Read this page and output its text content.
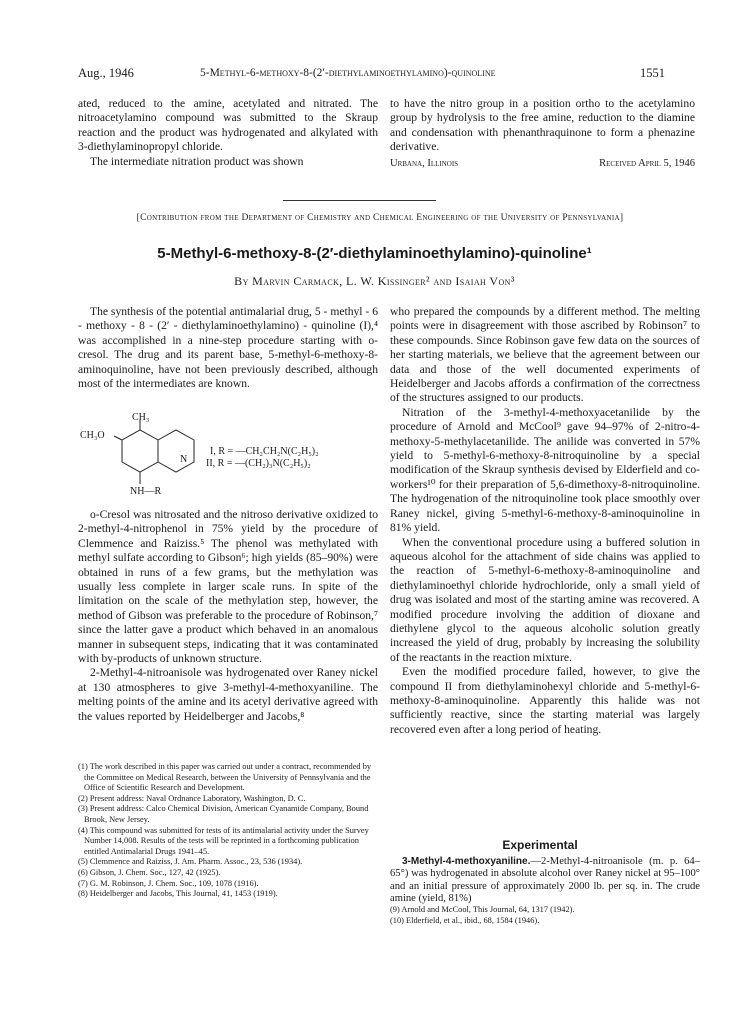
Aug., 1946	5-Methyl-6-methoxy-8-(2′-diethylaminoethylamino)-quinoline	1551

ated, reduced to the amine, acetylated and nitrated. The nitroacetylamino compound was submitted to the Skraup reaction and the product was hydrogenated and alkylated with 3-diethylaminopropyl chloride.

The intermediate nitration product was shown

to have the nitro group in a position ortho to the acetylamino group by hydrolysis to the free amine, reduction to the diamine and condensation with phenanthraquinone to form a phenazine derivative.

Urbana, Illinois	Received April 5, 1946
[Contribution from the Department of Chemistry and Chemical Engineering of the University of Pennsylvania]
5-Methyl-6-methoxy-8-(2′-diethylaminoethylamino)-quinoline¹
By Marvin Carmack, L. W. Kissinger² and Isaiah Von³

The synthesis of the potential antimalarial drug, 5 - methyl - 6 - methoxy - 8 - (2′ - diethylaminoethylamino) - quinoline (I),⁴ was accomplished in a nine-step procedure starting with o-cresol. The drug and its parent base, 5-methyl-6-methoxy-8-aminoquinoline, have not been previously described, although most of the intermediates are known.

CH₃
CH₃O
N
NH—R
I, R = —CH₂CH₂N(C₂H₅)₂
II, R = —(CH₂)₃N(C₂H₅)₂

o-Cresol was nitrosated and the nitroso derivative oxidized to 2-methyl-4-nitrophenol in 75% yield by the procedure of Clemmence and Raiziss.⁵ The phenol was methylated with methyl sulfate according to Gibson⁶; high yields (85–90%) were obtained in runs of a few grams, but the methylation was usually less complete in larger scale runs. In spite of the limitation on the scale of the methylation step, however, the method of Gibson was preferable to the procedure of Robinson,⁷ since the latter gave a product which behaved in an anomalous manner in subsequent steps, indicating that it was contaminated with by-products of unknown structure.

2-Methyl-4-nitroanisole was hydrogenated over Raney nickel at 130 atmospheres to give 3-methyl-4-methoxyaniline. The melting points of the amine and its acetyl derivative agreed with the values reported by Heidelberger and Jacobs,⁸

(1) The work described in this paper was carried out under a contract, recommended by the Committee on Medical Research, between the University of Pennsylvania and the Office of Scientific Research and Development.
(2) Present address: Naval Ordnance Laboratory, Washington, D. C.
(3) Present address: Calco Chemical Division, American Cyanamide Company, Bound Brook, New Jersey.
(4) This compound was submitted for tests of its antimalarial activity under the Survey Number 14,008. Results of the tests will be reprinted in a forthcoming publication entitled Antimalarial Drugs 1941–45.
(5) Clemmence and Raiziss, J. Am. Pharm. Assoc., 23, 536 (1934).
(6) Gibson, J. Chem. Soc., 127, 42 (1925).
(7) G. M. Robinson, J. Chem. Soc., 109, 1078 (1916).
(8) Heidelberger and Jacobs, This Journal, 41, 1453 (1919).

who prepared the compounds by a different method. The melting points were in disagreement with those ascribed by Robinson⁷ to these compounds. Since Robinson gave few data on the sources of her starting materials, we believe that the agreement between our data and those of the well documented experiments of Heidelberger and Jacobs affords a confirmation of the correctness of the structures assigned to our products.

Nitration of the 3-methyl-4-methoxyacetanilide by the procedure of Arnold and McCool⁹ gave 94–97% of 2-nitro-4-methoxy-5-methylacetanilide. The anilide was converted in 57% yield to 5-methyl-6-methoxy-8-nitroquinoline by a special modification of the Skraup synthesis devised by Elderfield and co-workers¹⁰ for their preparation of 5,6-dimethoxy-8-nitroquinoline. The hydrogenation of the nitroquinoline took place smoothly over Raney nickel, giving 5-methyl-6-methoxy-8-aminoquinoline in 81% yield.

When the conventional procedure using a buffered solution in aqueous alcohol for the attachment of side chains was applied to the reaction of 5-methyl-6-methoxy-8-aminoquinoline and diethylaminoethyl chloride hydrochloride, only a small yield of drug was isolated and most of the starting amine was recovered. A modified procedure involving the addition of dioxane and diethylene glycol to the aqueous alcoholic solution greatly increased the yield of drug, probably by increasing the solubility of the reactants in the reaction mixture.

Even the modified procedure failed, however, to give the compound II from diethylaminohexyl chloride and 5-methyl-6-methoxy-8-aminoquinoline. Apparently this halide was not sufficiently reactive, since the starting material was largely recovered even after a long period of heating.

Experimental

3-Methyl-4-methoxyaniline.—2-Methyl-4-nitroanisole (m. p. 64–65°) was hydrogenated in absolute alcohol over Raney nickel at 95–100° and an initial pressure of approximately 2000 lb. per sq. in. The crude amine (yield, 81%)

(9) Arnold and McCool, This Journal, 64, 1317 (1942).
(10) Elderfield, et al., ibid., 68, 1584 (1946).
